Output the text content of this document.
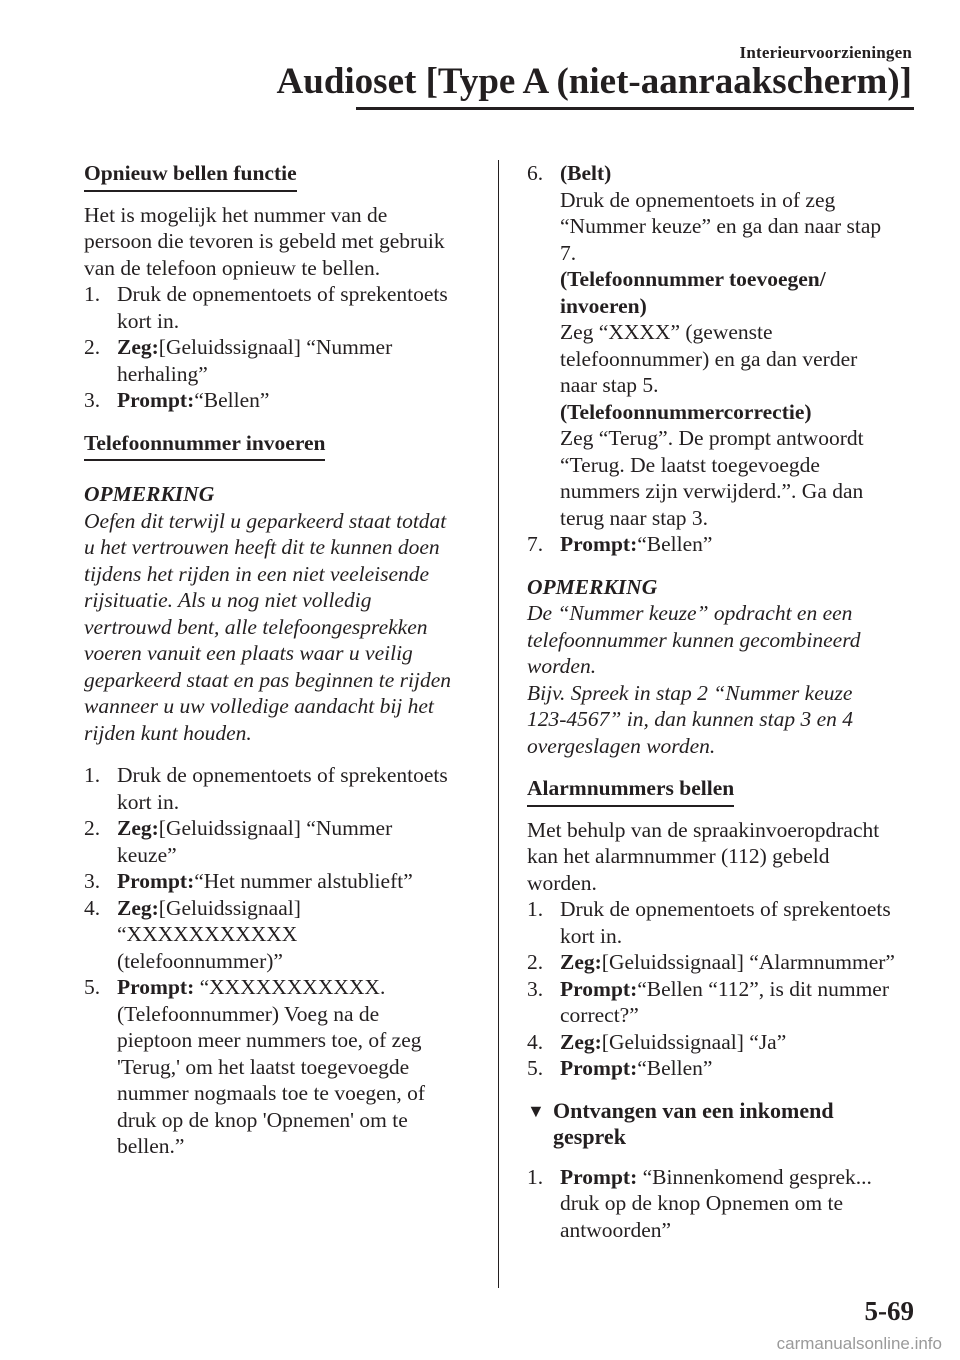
Interieurvoorzieningen
Audioset [Type A (niet-aanraakscherm)]
Opnieuw bellen functie
Het is mogelijk het nummer van de
persoon die tevoren is gebeld met gebruik
van de telefoon opnieuw te bellen.
1. Druk de opnementoets of sprekentoets
kort in.
2. Zeg:[Geluidssignaal] “Nummer
herhaling”
3. Prompt:“Bellen”
Telefoonnummer invoeren
OPMERKING
Oefen dit terwijl u geparkeerd staat totdat
u het vertrouwen heeft dit te kunnen doen
tijdens het rijden in een niet veeleisende
rijsituatie. Als u nog niet volledig
vertrouwd bent, alle telefoongesprekken
voeren vanuit een plaats waar u veilig
geparkeerd staat en pas beginnen te rijden
wanneer u uw volledige aandacht bij het
rijden kunt houden.
1. Druk de opnementoets of sprekentoets
kort in.
2. Zeg:[Geluidssignaal] “Nummer
keuze”
3. Prompt:“Het nummer alstublieft”
4. Zeg:[Geluidssignaal]
“XXXXXXXXXXX
(telefoonnummer)”
5. Prompt: “XXXXXXXXXXX.
(Telefoonnummer) Voeg na de
pieptoon meer nummers toe, of zeg
'Terug,' om het laatst toegevoegde
nummer nogmaals toe te voegen, of
druk op de knop 'Opnemen' om te
bellen.”
6. (Belt)
Druk de opnementoets in of zeg
“Nummer keuze” en ga dan naar stap
7.
(Telefoonnummer toevoegen/
invoeren)
Zeg “XXXX” (gewenste
telefoonnummer) en ga dan verder
naar stap 5.
(Telefoonnummercorrectie)
Zeg “Terug”. De prompt antwoordt
“Terug. De laatst toegevoegde
nummers zijn verwijderd.”. Ga dan
terug naar stap 3.
7. Prompt:“Bellen”
OPMERKING
De “Nummer keuze” opdracht en een
telefoonnummer kunnen gecombineerd
worden.
Bijv. Spreek in stap 2 “Nummer keuze
123-4567” in, dan kunnen stap 3 en 4
overgeslagen worden.
Alarmnummers bellen
Met behulp van de spraakinvoeropdracht
kan het alarmnummer (112) gebeld
worden.
1. Druk de opnementoets of sprekentoets
kort in.
2. Zeg:[Geluidssignaal] “Alarmnummer”
3. Prompt:“Bellen “112”, is dit nummer
correct?”
4. Zeg:[Geluidssignaal] “Ja”
5. Prompt:“Bellen”
▼ Ontvangen van een inkomend
gesprek
1. Prompt: “Binnenkomend gesprek...
druk op de knop Opnemen om te
antwoorden”
5-69
carmanualsonline.info
